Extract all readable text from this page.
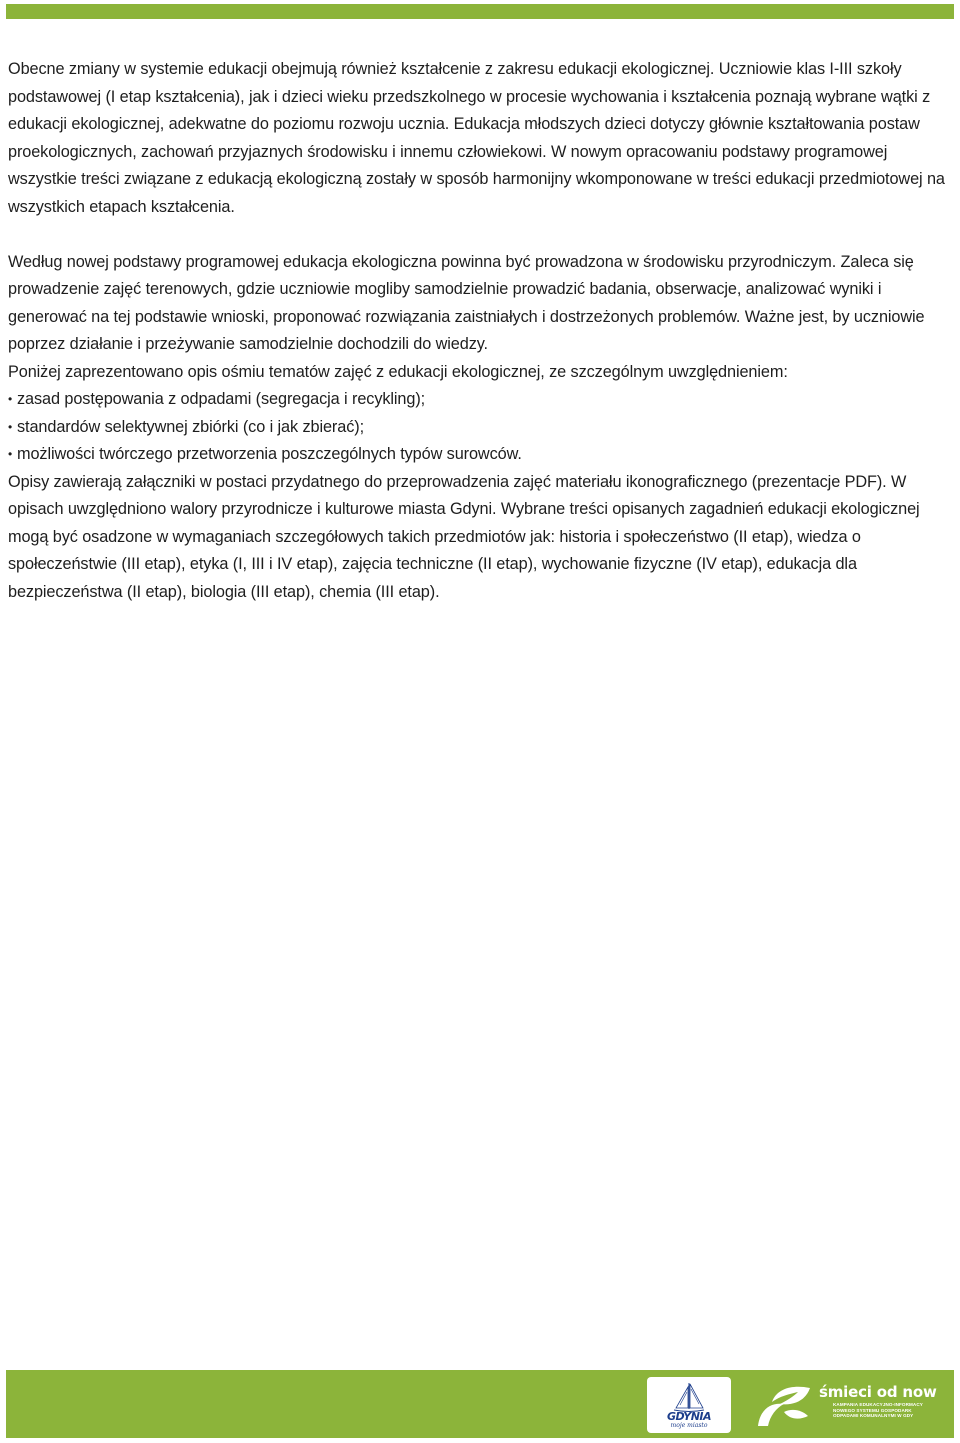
Obecne zmiany w systemie edukacji obejmują również kształcenie z zakresu edukacji ekologicznej. Uczniowie klas I-III szkoły podstawowej (I etap kształcenia), jak i dzieci wieku przedszkolnego w procesie wychowania i kształcenia poznają wybrane wątki z edukacji ekologicznej, adekwatne do poziomu rozwoju ucznia. Edukacja młodszych dzieci dotyczy głównie kształtowania postaw proekologicznych, zachowań przyjaznych środowisku i innemu człowiekowi. W nowym opracowaniu podstawy programowej wszystkie treści związane z edukacją ekologiczną zostały w sposób harmonijny wkomponowane w treści edukacji przedmiotowej na wszystkich etapach kształcenia.

Według nowej podstawy programowej edukacja ekologiczna powinna być prowadzona w środowisku przyrodniczym. Zaleca się prowadzenie zajęć terenowych, gdzie uczniowie mogliby samodzielnie prowadzić badania, obserwacje, analizować wyniki i generować na tej podstawie wnioski, proponować rozwiązania zaistniałych i dostrzeżonych problemów. Ważne jest, by uczniowie poprzez działanie i przeżywanie samodzielnie dochodzili do wiedzy.

Poniżej zaprezentowano opis ośmiu tematów zajęć z edukacji ekologicznej, ze szczególnym uwzględnieniem:

• zasad postępowania z odpadami (segregacja i recykling);
• standardów selektywnej zbiórki (co i jak zbierać);
• możliwości twórczego przetworzenia poszczególnych typów surowców.

Opisy zawierają załączniki w postaci przydatnego do przeprowadzenia zajęć materiału ikonograficznego (prezentacje PDF). W opisach uwzględniono walory przyrodnicze i kulturowe miasta Gdyni. Wybrane treści opisanych zagadnień edukacji ekologicznej mogą być osadzone w wymaganiach szczegółowych takich przedmiotów jak: historia i społeczeństwo (II etap), wiedza o społeczeństwie (III etap), etyka (I, III i IV etap), zajęcia techniczne (II etap), wychowanie fizyczne (IV etap), edukacja dla bezpieczeństwa (II etap), biologia (III etap), chemia (III etap).

GDYNIA
moje miasto
śmieci od now
KAMPANIA EDUKACYJNO-INFORMACY
NOWEGO SYSTEMU GOSPODARK
ODPADAMI KOMUNALNYMI W GDY
